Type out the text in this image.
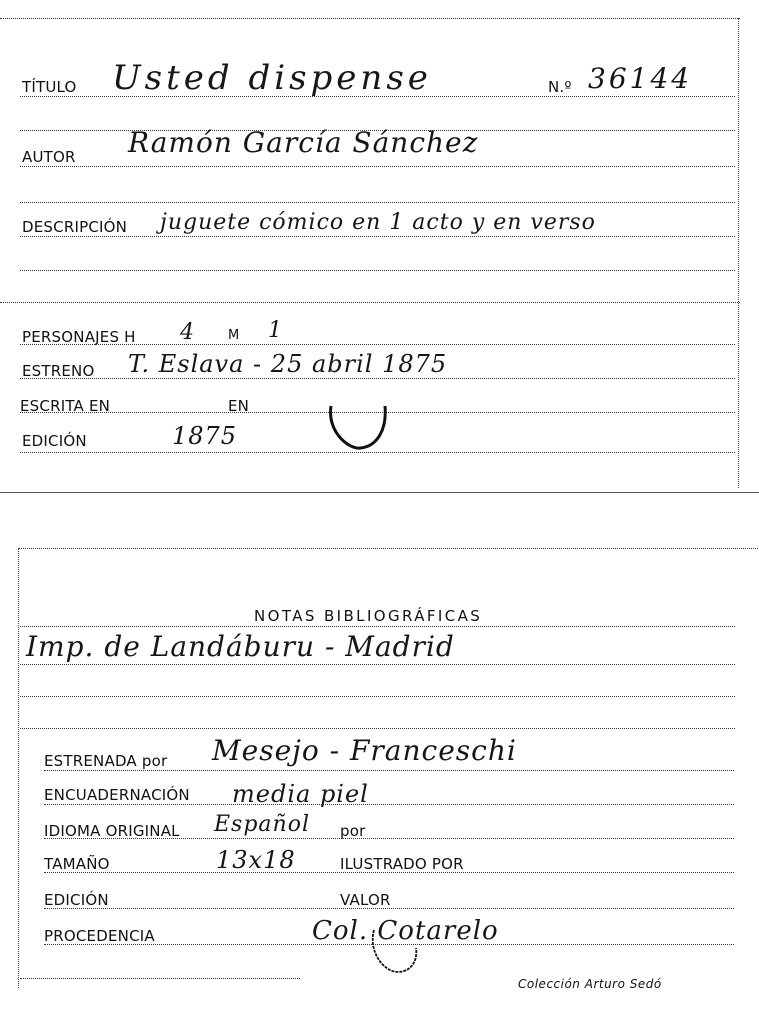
TÍTULO Usted dispense	N.º 36144
AUTOR Ramón García Sánchez
DESCRIPCIÓN juguete cómico en 1 acto y en verso
PERSONAJES H 4	M 1
ESTRENO T. Eslava - 25 abril 1875
ESCRITA EN	EN
EDICIÓN	1875
NOTAS BIBLIOGRÁFICAS
Imp. de Landáburu - Madrid
ESTRENADA por Mesejo - Franceschi
ENCUADERNACIÓN media piel
IDIOMA ORIGINAL Español por
TAMAÑO	13x18	ILUSTRADO POR
EDICIÓN	VALOR
PROCEDENCIA	Col. Cotarelo
Colección Arturo Sedó
